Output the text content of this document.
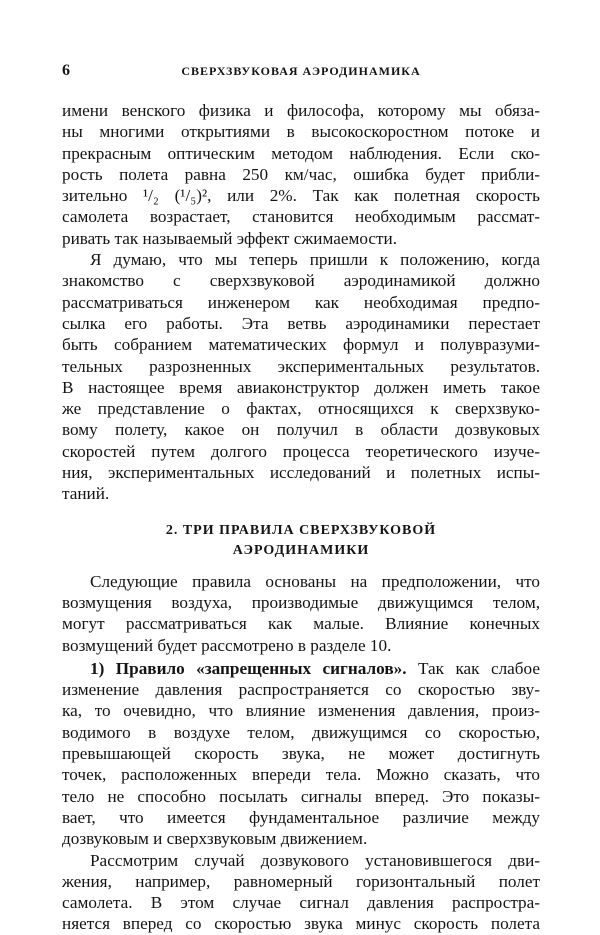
6	СВЕРХЗВУКОВАЯ АЭРОДИНАМИКА
имени венского физика и философа, которому мы обяза-
ны многими открытиями в высокоскоростном потоке и
прекрасным оптическим методом наблюдения. Если ско-
рость полета равна 250 км/час, ошибка будет прибли-
зительно ¹/₂ (¹/₅)², или 2%. Так как полетная скорость
самолета возрастает, становится необходимым рассмат-
ривать так называемый эффект сжимаемости.
Я думаю, что мы теперь пришли к положению, когда
знакомство с сверхзвуковой аэродинамикой должно
рассматриваться инженером как необходимая предпо-
сылка его работы. Эта ветвь аэродинамики перестает
быть собранием математических формул и полувразуми-
тельных разрозненных экспериментальных результатов.
В настоящее время авиаконструктор должен иметь такое
же представление о фактах, относящихся к сверхзвуко-
вому полету, какое он получил в области дозвуковых
скоростей путем долгого процесса теоретического изуче-
ния, экспериментальных исследований и полетных испы-
таний.
2. ТРИ ПРАВИЛА СВЕРХЗВУКОВОЙ
АЭРОДИНАМИКИ
Следующие правила основаны на предположении, что
возмущения воздуха, производимые движущимся телом,
могут рассматриваться как малые. Влияние конечных
возмущений будет рассмотрено в разделе 10.
1) Правило «запрещенных сигналов». Так как слабое
изменение давления распространяется со скоростью зву-
ка, то очевидно, что влияние изменения давления, произ-
водимого в воздухе телом, движущимся со скоростью,
превышающей скорость звука, не может достигнуть
точек, расположенных впереди тела. Можно сказать, что
тело не способно посылать сигналы вперед. Это показы-
вает, что имеется фундаментальное различие между
дозвуковым и сверхзвуковым движением.
Рассмотрим случай дозвукового установившегося дви-
жения, например, равномерный горизонтальный полет
самолета. В этом случае сигнал давления распростра-
няется вперед со скоростью звука минус скорость полета
